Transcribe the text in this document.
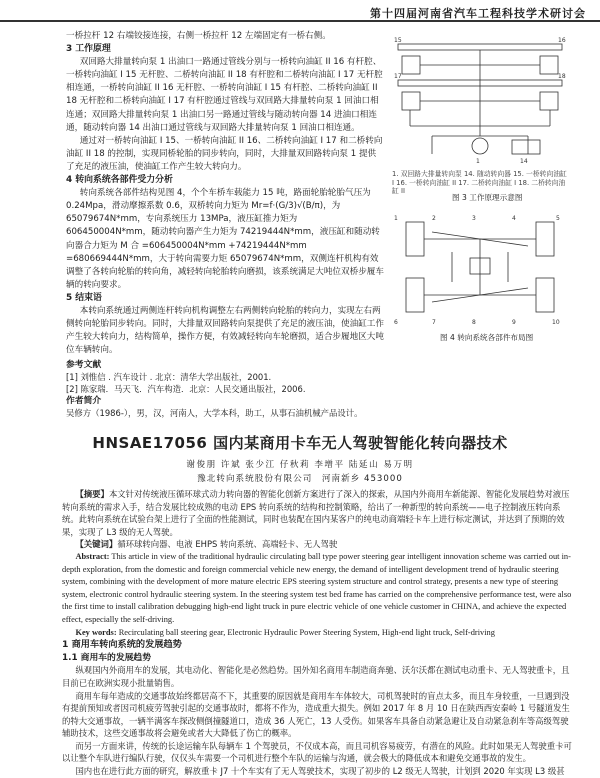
第十四届河南省汽车工程科技学术研讨会

一桥拉杆 12 右端铰接连接，右侧一桥拉杆 12 左端固定有一桥右侧。

3 工作原理

双回路大排量转向泵 1 出油口一路通过管线分别与一桥转向油缸 II 16 有杆腔、一桥转向油缸 I 15 无杆腔、二桥转向油缸 II 18 有杆腔和二桥转向油缸 I 17 无杆腔相连通，一桥转向油缸 II 16 无杆腔、一桥转向油缸 I 15 有杆腔、二桥转向油缸 II 18 无杆腔和二桥转向油缸 I 17 有杆腔通过管线与双回路大排量转向泵 1 回油口相连通；双回路大排量转向泵 1 出油口另一路通过管线与随动转向器 14 进油口相连通，随动转向器 14 出油口通过管线与双回路大排量转向泵 1 回油口相连通。

通过对一桥转向油缸 I 15、一桥转向油缸 II 16、二桥转向油缸 I 17 和二桥转向油缸 II 18 的控制，实现同桥轮胎的同步转向，同时，大排量双回路转向泵 1 提供了充足的液压油，使油缸工作产生较大转向力。

4 转向系统各部件受力分析

转向系统各部件结构见图 4，个个车桥车载能力 15 吨，路面轮胎轮胎气压为 0.24Mpa，滑动摩擦系数 0.6，双桥转向力矩为 Mr=f·(G/3)√(B/π)，为 65079674N*mm，专向系统压力 13MPa，液压缸推力矩为 606450004N*mm，随动转向器产生力矩为 74219444N*mm，液压缸和随动转向器合力矩为 M 合 =606450004N*mm +74219444N*mm =680669444N*mm，大于转向需要力矩 65079674N*mm，双侧连杆机构有效调整了各转向轮胎的转向角，减轻转向轮胎转向磨损，该系统满足大吨位双桥步履车辆的转向要求。

5 结束语

本转向系统通过两侧连杆转向机构调整左右两侧转向轮胎的转向力，实现左右两侧转向轮胎同步转向。同时，大排量双回路转向泵提供了充足的液压油，使油缸工作产生较大转向力，结构简单，操作方便，有效减轻转向车轮磨损，适合步履地区大吨位车辆转向。

15	16
17	18
1	14
1. 双回路大排量转向泵 14. 随动转向器 15. 一桥转向油缸 I 16. 一桥转向油缸 II 17. 二桥转向油缸 I 18. 二桥转向油缸 II
图 3 工作原理示意图
1	2	3	4	5
6	7	8	9	10
图 4 转向系统各部件布局图
参考文献

[1] 刘惟信 . 汽车设计 . 北京：清华大学出版社，2001.

[2] 陈家瑞．马天飞．汽车构造．北京：人民交通出版社，2006.

作者简介

吴修方（1986-），男，汉，河南人，大学本科，助工，从事石油机械产品设计。

HNSAE17056 国内某商用卡车无人驾驶智能化转向器技术
谢俊朋 许斌 张少江 仔秋莉 李增平 陆延山 易万明
豫北转向系统股份有限公司　河南新乡 453000

【摘要】本文针对传统液压循环球式动力转向器的智能化创新方案进行了深入的探索，从国内外商用车新能源、智能化发展趋势对液压转向系统的需求入手，结合发展比较成熟的电动 EPS 转向系统的结构和控制策略，给出了一种新型的转向系统——电子控制液压转向系统。此转向系统在试验台架上进行了全面的性能测试，同时也装配在国内某客户的纯电动商端轻卡车上进行标定测试，并达到了预期的效果，实现了 L3 级的无人驾驶。

【关键词】循环球转向器、电液 EHPS 转向系统、高端轻卡、无人驾驶

Abstract: This article in view of the traditional hydraulic circulating ball type power steering gear intelligent innovation scheme was carried out in-depth exploration, from the domestic and foreign commercial vehicle new energy, the demand of intelligent development trend of hydraulic steering system, combining with the development of more mature electric EPS steering system structure and control strategy, presents a new type of steering system, electronic control hydraulic steering system. In the steering system test bed frame has carried on the comprehensive performance test, were also the first time to install calibration debugging high-end light truck in pure electric vehicle of one vehicle customer in CHINA, and achieve the expected effect, especially the self-driving.

Key words: Recirculating ball steering gear, Electronic Hydraulic Power Steering System, High-end light truck, Self-driving

1 商用车转向系统的发展趋势
1.1 商用车的发展趋势

纵观国内外商用车的发展，其电动化、智能化是必然趋势。国外知名商用车制造商奔驰、沃尔沃都在测试电动重卡、无人驾驶重卡，且目前已在欧洲实现小批量销售。

商用车每年造成的交通事故始终都居高不下，其重要的原因就是商用车车体较大，司机驾驶时的盲点太多，而且车身较重，一旦遇到没有提前预知或者因司机疲劳驾驶引起的交通事故时，都将不作为，造成重大损失。例如 2017 年 8 月 10 日在陕西西安秦岭 1 号隧道发生的特大交通事故，一辆半满客车探改侧倒撞隧道口，造成 36 人死亡，13 人受伤。如果客车具备自动紧急避让及自动紧急刹车等高级驾驶辅助技术，这些交通事故将会避免或者大大降低了伤亡的概率。

而另一方面来讲，传统的长途运输车队每辆车 1 个驾驶员，不仅成本高，而且司机容易疲劳，有潜在的风险。此时如果无人驾驶重卡可以让整个车队进行编队行驶，仅仅头车需要一个司机进行整个车队的运输与沟通，就会极大的降低成本和避免交通事故的发生。

国内也在进行此方面的研究，解放重卡 J7 十个车实有了无人驾驶技术，实现了初步的 L2 级无人驾驶，计划到 2020 年实现 L3 级甚
